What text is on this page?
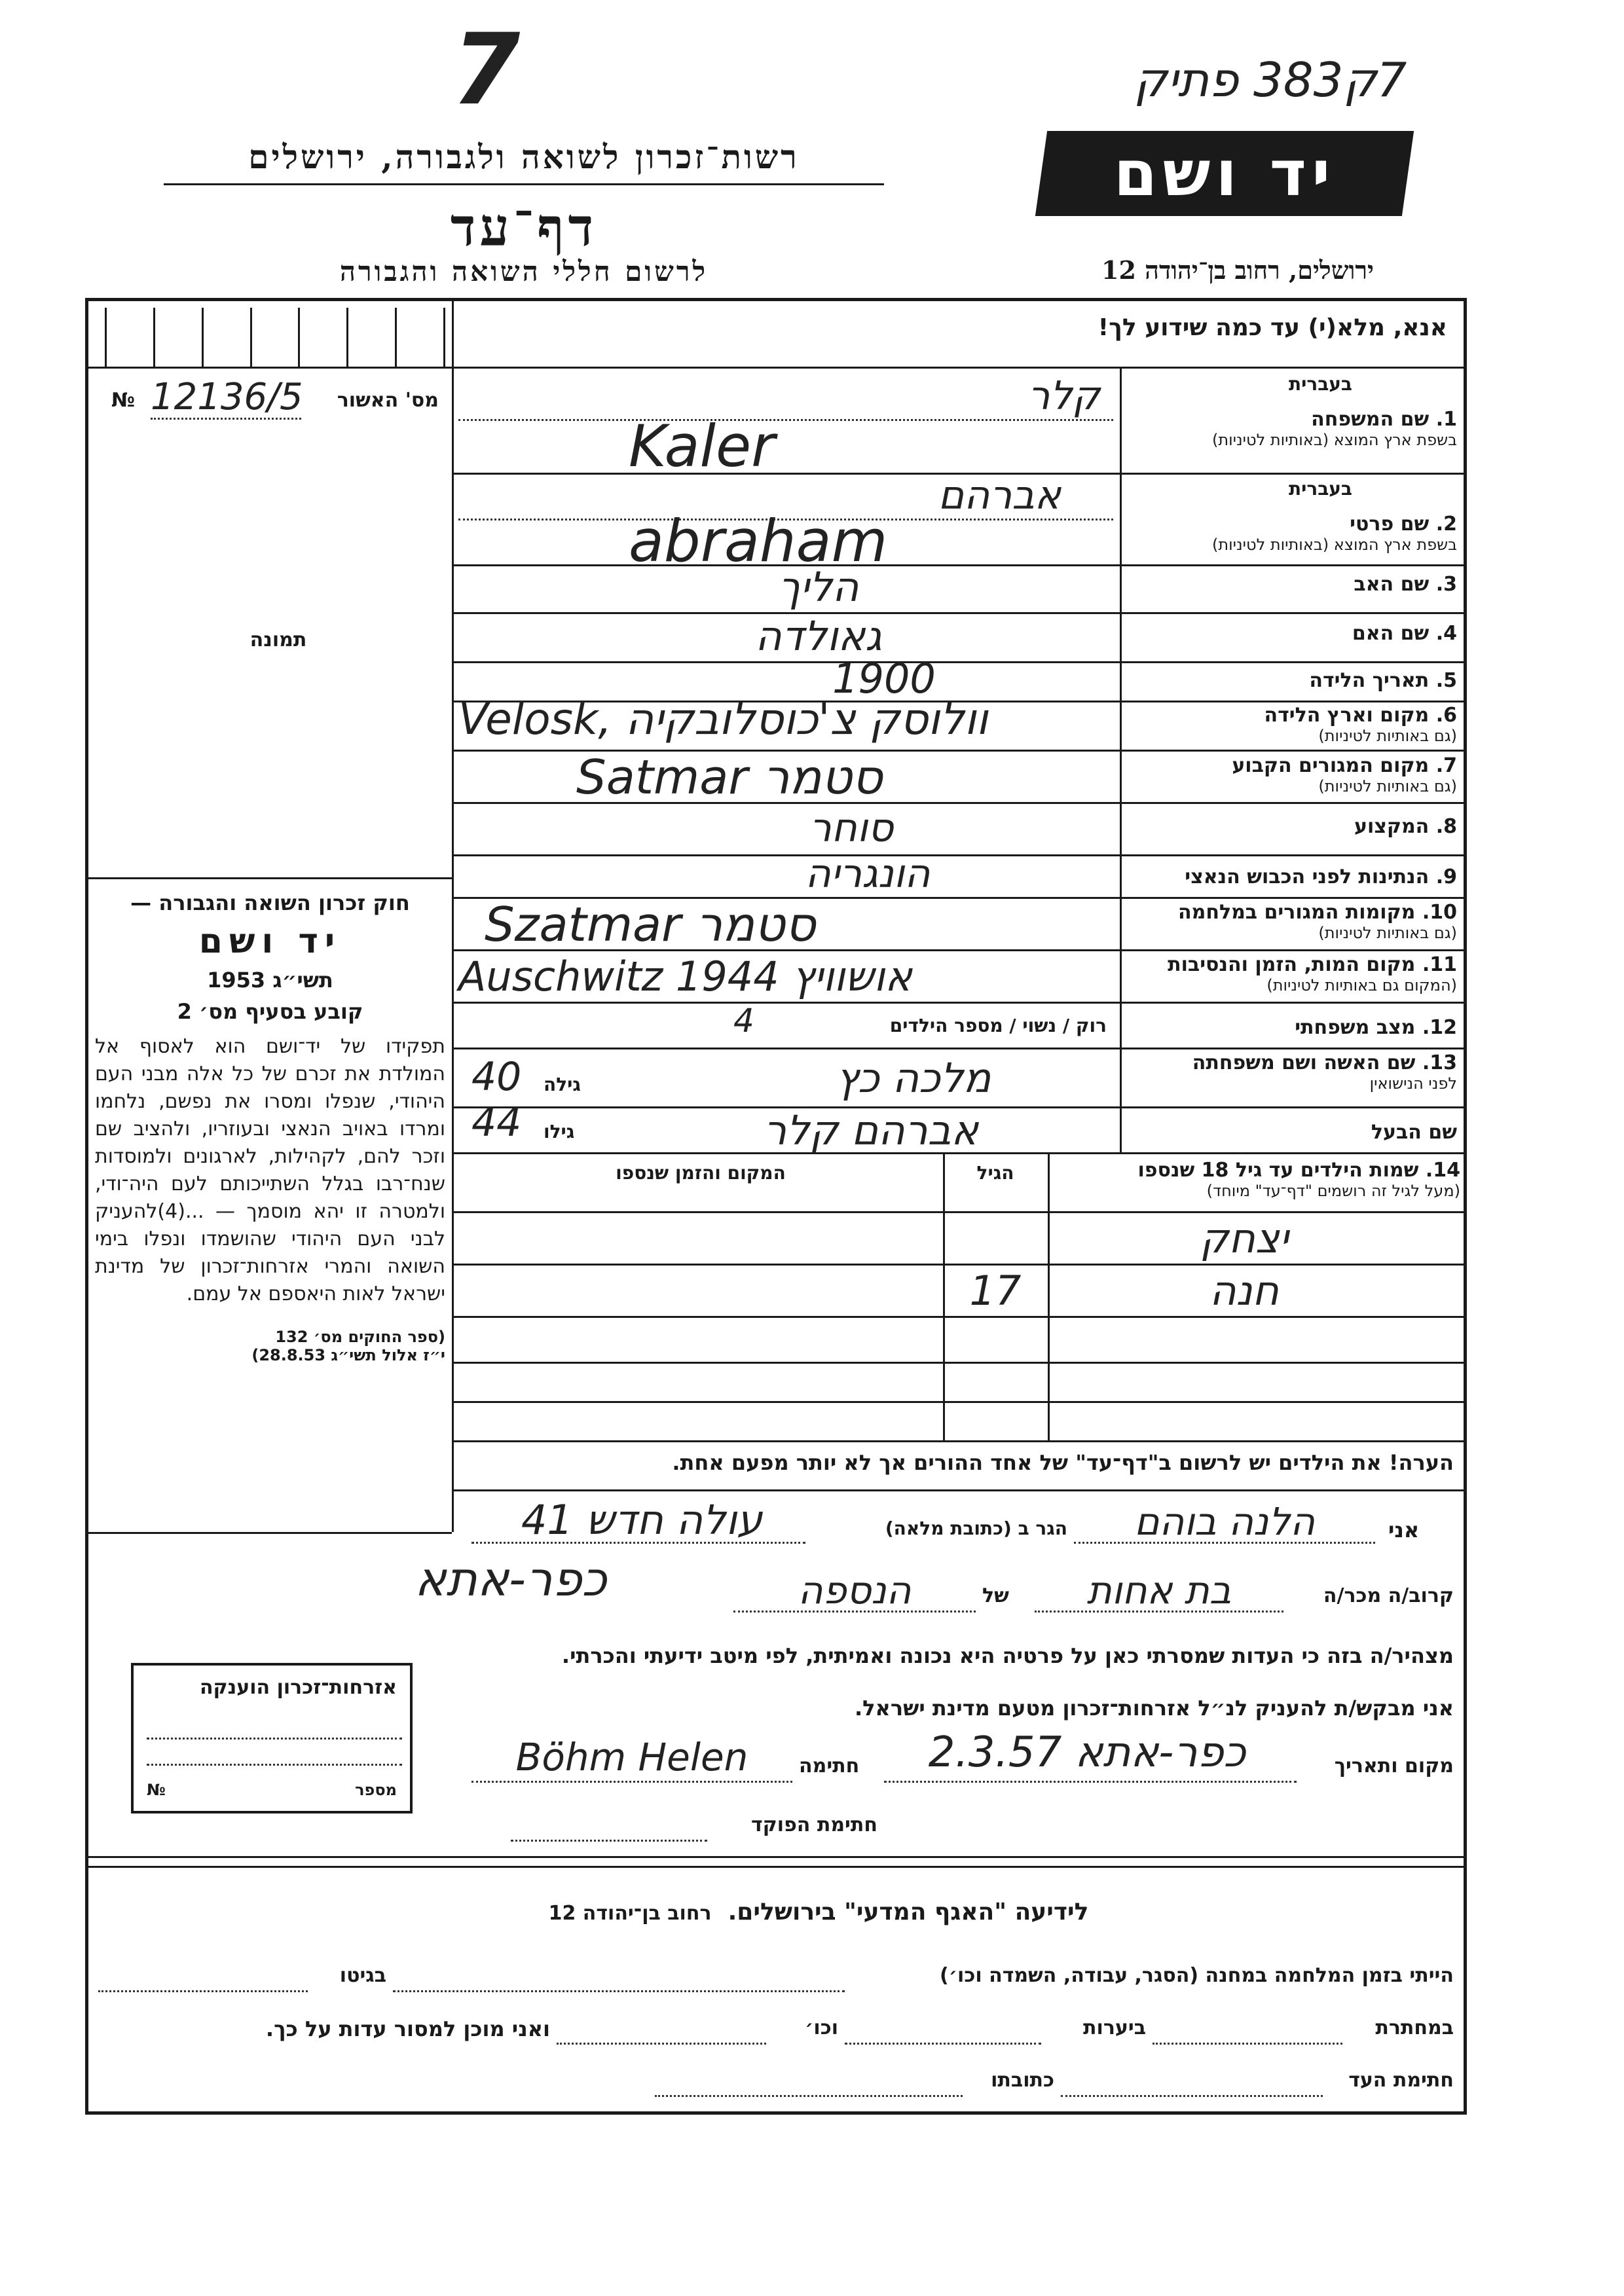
7	7ק383 פתיק
רשות־זכרון לשואה ולגבורה, ירושלים
דף־עד
לרשום חללי השואה והגבורה
יד ושם
ירושלים, רחוב בן־יהודה 12
אנא, מלא(י) עד כמה שידוע לך!
מס' האשור
12136/5
№
תמונה
חוק זכרון השואה והגבורה —
יד ושם
תשי״ג 1953
קובע בסעיף מס׳ 2
תפקידו של יד־ושם הוא לאסוף אל המולדת את זכרם של כל אלה מבני העם היהודי, שנפלו ומסרו את נפשם, נלחמו ומרדו באויב הנאצי ובעוזריו, ולהציב שם וזכר להם, לקהילות, לארגונים ולמוסדות שנח־רבו בגלל השתייכותם לעם היה־ודי, ולמטרה זו יהא מוסמך — ...(4)להעניק לבני העם היהודי שהושמדו ונפלו בימי השואה והמרי אזרחות־זכרון של מדינת ישראל לאות היאספם אל עמם.
(ספר החוקים מס׳ 132
י״ז אלול תשי״ג 28.8.53)
אזרחות־זכרון הוענקה
מספר
№
בעברית
1. שם המשפחה
בשפת ארץ המוצא (באותיות לטיניות)
קלר
Kaler
בעברית
2. שם פרטי
בשפת ארץ המוצא (באותיות לטיניות)
אברהם
abraham
3. שם האב
הליך
4. שם האם
גאולדה
5. תאריך הלידה
1900
6. מקום וארץ הלידה
(גם באותיות לטיניות)
Velosk, וולוסק צ'כוסלובקיה
7. מקום המגורים הקבוע
(גם באותיות לטיניות)
Satmar סטמר
8. המקצוע
סוחר
9. הנתינות לפני הכבוש הנאצי
הונגריה
10. מקומות המגורים במלחמה
(גם באותיות לטיניות)
Szatmar סטמר
11. מקום המות, הזמן והנסיבות
(המקום גם באותיות לטיניות)
Auschwitz 1944 אושוויץ
12. מצב משפחתי
רוק / נשוי / מספר הילדים
4
13. שם האשה ושם משפחתה
לפני הנישואין
מלכה כץ
גילה
40
שם הבעל
אברהם קלר
גילו
44
14. שמות הילדים עד גיל 18 שנספו
(מעל לגיל זה רושמים "דף־עד" מיוחד)
הגיל
המקום והזמן שנספו
יצחק
חנה
17
הערה! את הילדים יש לרשום ב"דף־עד" של אחד ההורים אך לא יותר מפעם אחת.
אני
הלנה בוהם
הגר ב (כתובת מלאה)
עולה חדש 41
כפר-אתא	קרוב/ה מכר/ה
בת אחות
של
הנספה
מצהיר/ה בזה כי העדות שמסרתי כאן על פרטיה היא נכונה ואמיתית, לפי מיטב ידיעתי והכרתי.
אני מבקש/ת להעניק לנ״ל אזרחות־זכרון מטעם מדינת ישראל.
מקום ותאריך
כפר-אתא 2.3.57
חתימה
Böhm Helen
חתימת הפוקד
לידיעה "האגף המדעי" בירושלים. רחוב בן־יהודה 12
הייתי בזמן המלחמה במחנה (הסגר, עבודה, השמדה וכו׳)
בגיטו
במחתרת
ביערות
וכו׳
ואני מוכן למסור עדות על כך.
חתימת העד
כתובתו
